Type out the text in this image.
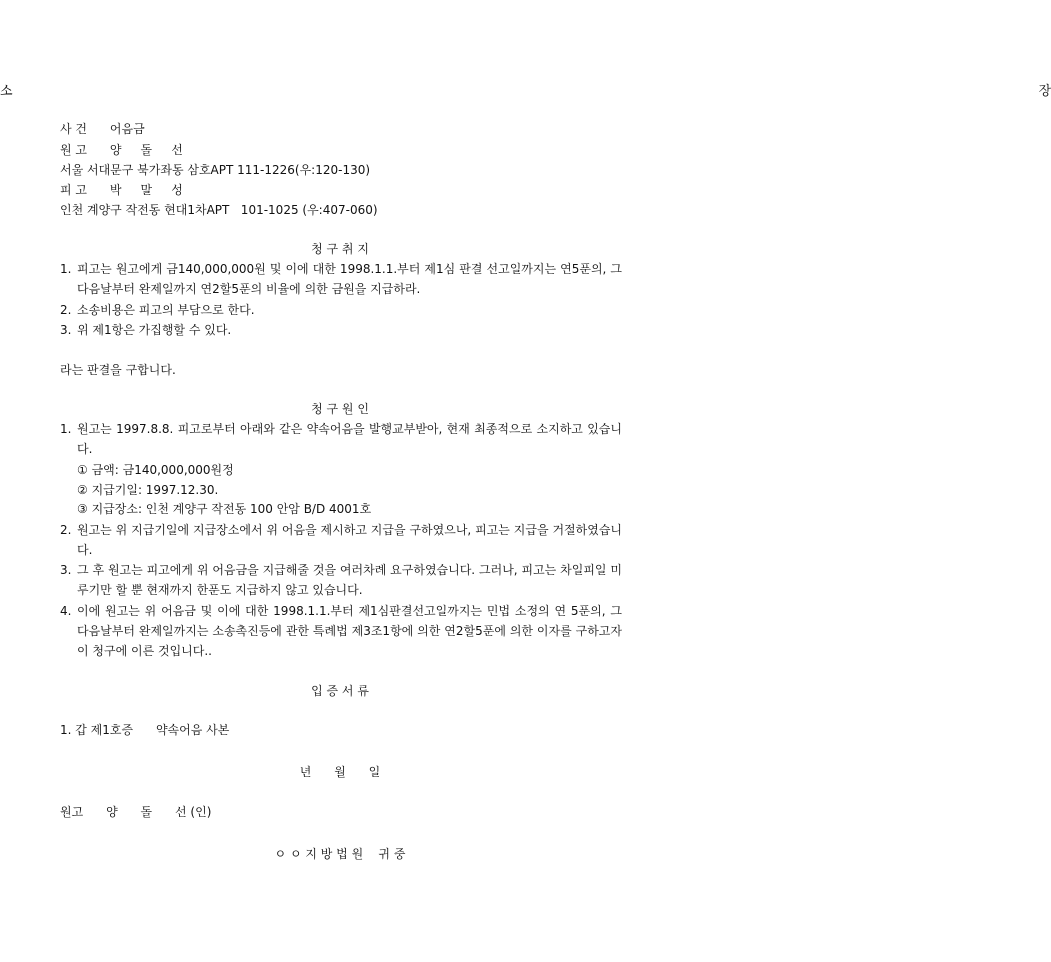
소                장
사 건      어음금
원 고      양     돌     선
서울 서대문구 북가좌동 삼호APT 111-1226(우:120-130)
피 고      박     말     성
인천 계양구 작전동 현대1차APT   101-1025 (우:407-060)
청 구 취 지
1. 피고는 원고에게 금140,000,000원 및 이에 대한 1998.1.1.부터 제1심 판결 선고일까지는 연5푼의, 그 다음날부터 완제일까지 연2할5푼의 비율에 의한 금원을 지급하라.
2. 소송비용은 피고의 부담으로 한다.
3. 위 제1항은 가집행할 수 있다.
라는 판결을 구합니다.
청 구 원 인
1. 원고는 1997.8.8. 피고로부터 아래와 같은 약속어음을 발행교부받아, 현재 최종적으로 소지하고 있습니다.
① 금액: 금140,000,000원정
② 지급기일: 1997.12.30.
③ 지급장소: 인천 계양구 작전동 100 안암 B/D 4001호
2. 원고는 위 지급기일에 지급장소에서 위 어음을 제시하고 지급을 구하였으나, 피고는 지급을 거절하였습니다.
3. 그 후 원고는 피고에게 위 어음금을 지급해줄 것을 여러차례 요구하였습니다. 그러나, 피고는 차일피일 미루기만 할 뿐 현재까지 한푼도 지급하지 않고 있습니다.
4. 이에 원고는 위 어음금 및 이에 대한 1998.1.1.부터 제1심판결선고일까지는 민법 소정의 연 5푼의, 그 다음날부터 완제일까지는 소송촉진등에 관한 특례법 제3조1항에 의한 연2할5푼에 의한 이자를 구하고자 이 청구에 이른 것입니다..
입 증 서 류
1. 갑 제1호증      약속어음 사본
년      월      일
원고      양      돌      선 (인)
ㅇ ㅇ 지 방 법 원    귀 중
